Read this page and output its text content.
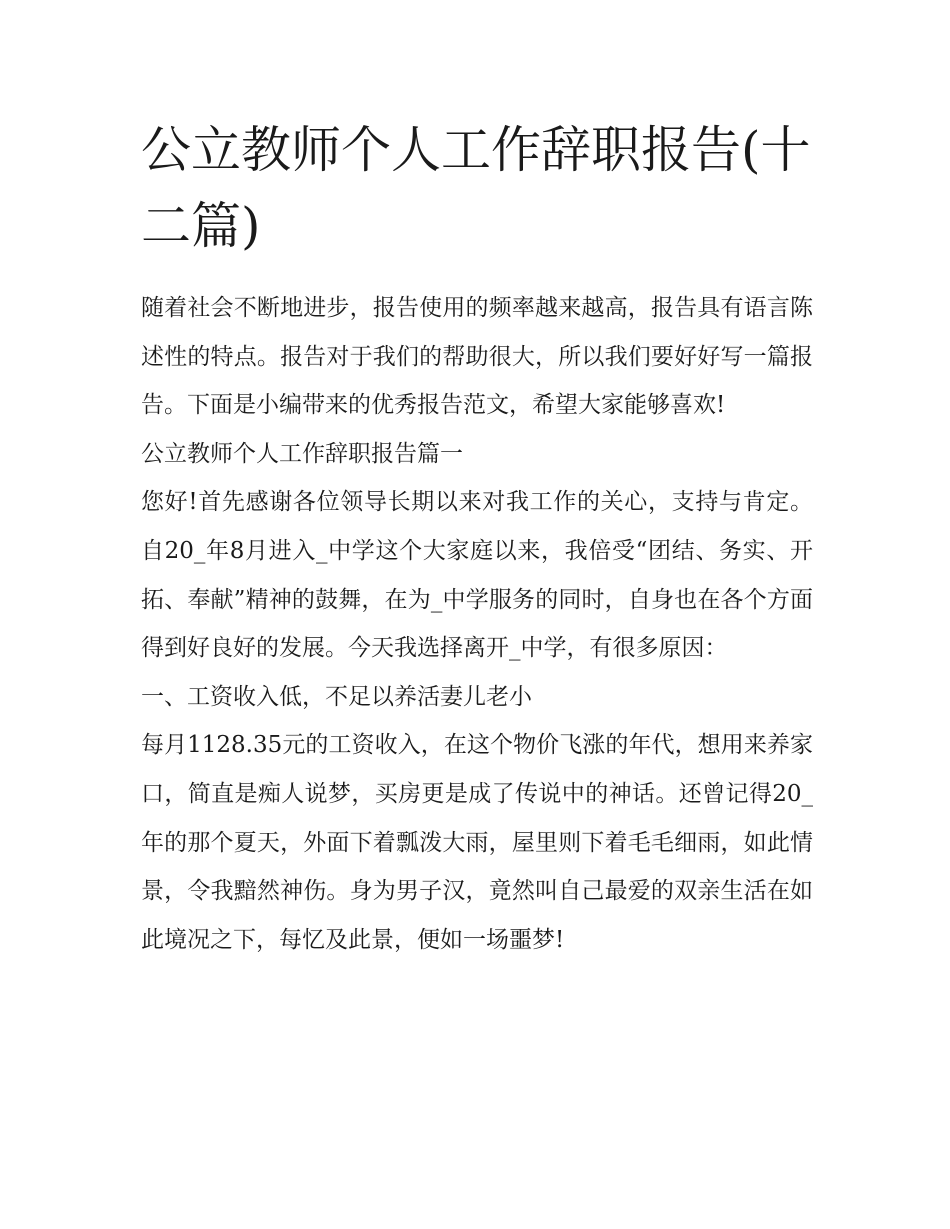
公立教师个人工作辞职报告(十二篇)

随着社会不断地进步，报告使用的频率越来越高，报告具有语言陈述性的特点。报告对于我们的帮助很大，所以我们要好好写一篇报告。下面是小编带来的优秀报告范文，希望大家能够喜欢!

公立教师个人工作辞职报告篇一

您好!首先感谢各位领导长期以来对我工作的关心，支持与肯定。自20_年8月进入_中学这个大家庭以来，我倍受“团结、务实、开拓、奉献”精神的鼓舞，在为_中学服务的同时，自身也在各个方面得到好良好的发展。今天我选择离开_中学，有很多原因：

一、工资收入低，不足以养活妻儿老小

每月1128.35元的工资收入，在这个物价飞涨的年代，想用来养家口，简直是痴人说梦，买房更是成了传说中的神话。还曾记得20_年的那个夏天，外面下着瓢泼大雨，屋里则下着毛毛细雨，如此情景，令我黯然神伤。身为男子汉，竟然叫自己最爱的双亲生活在如此境况之下，每忆及此景，便如一场噩梦!
